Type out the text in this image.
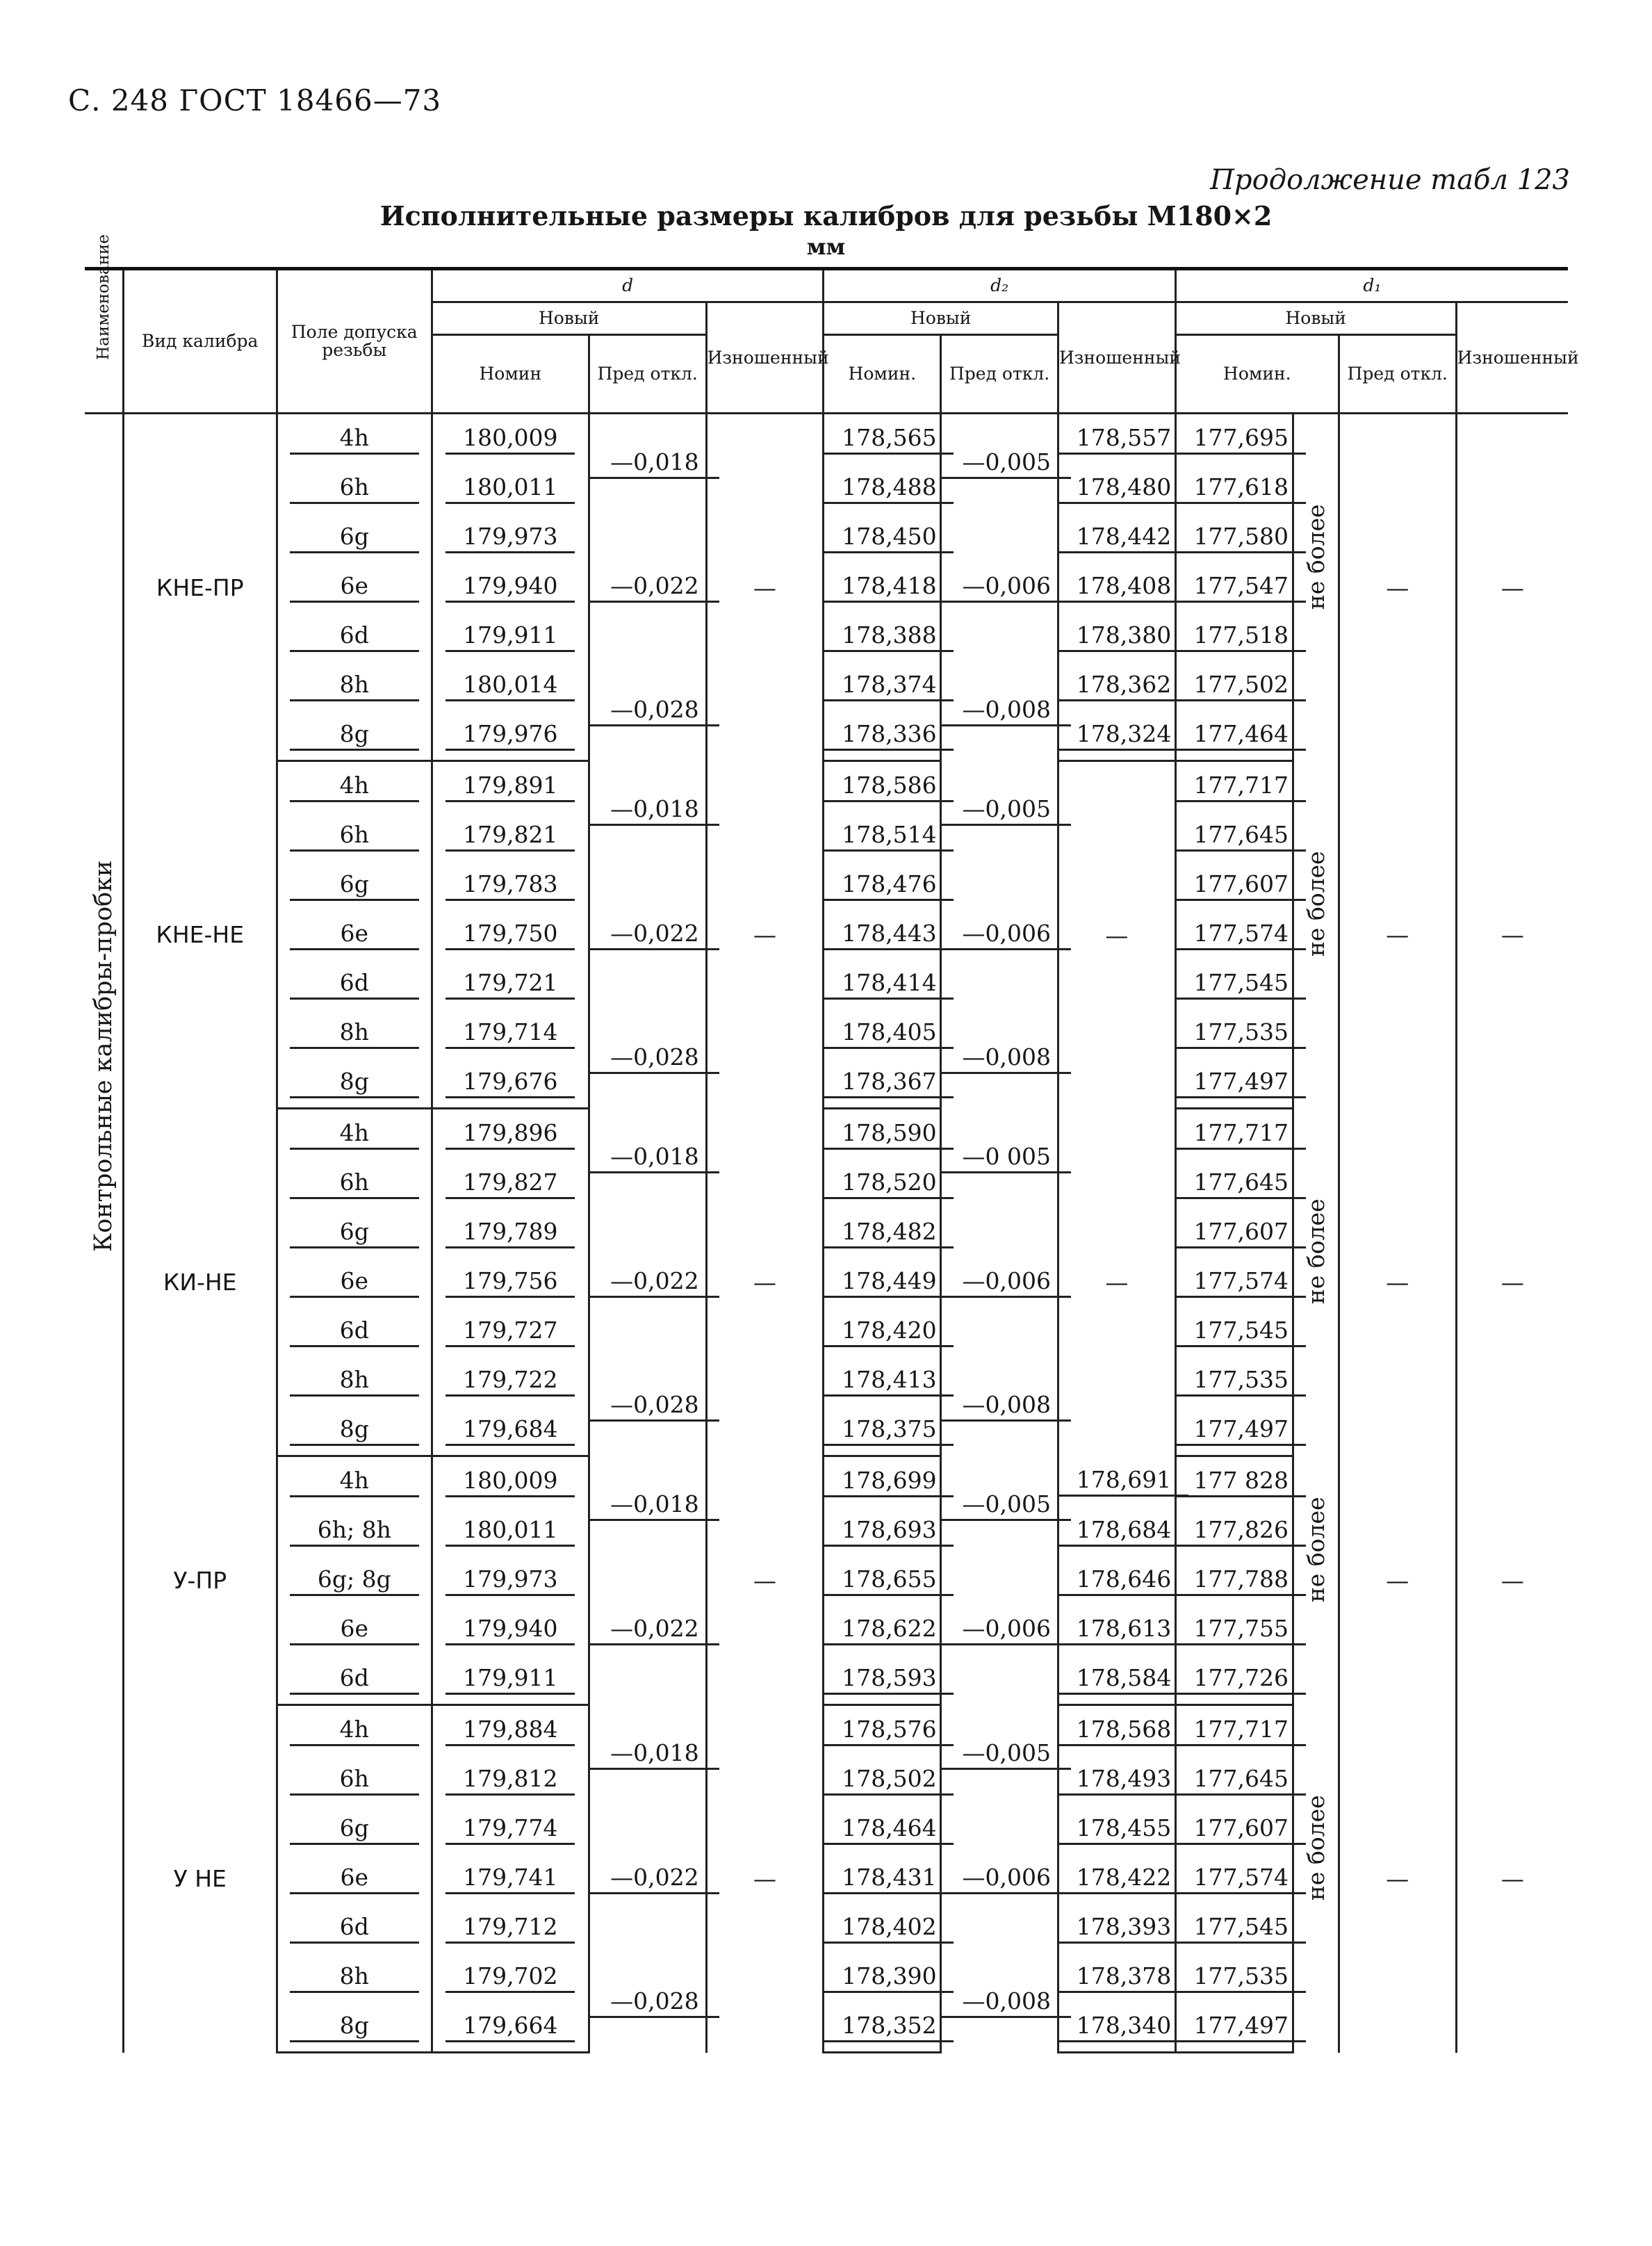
С. 248 ГОСТ 18466—73
Продолжение табл 123
Исполнительные размеры калибров для резьбы М180×2
мм
Наименование	Вид калибра	Поле допуска резьбы	d			d₂			d₁			
			Новый		Изношенный	Новый		Изношенный	Новый			Изношенный
			Номин	Пред откл.		Номин.	Пред откл.		Номин.		Пред откл.	

Контрольные калибры-пробки	КНЕ-ПР	4h	180,009	—0,018	—	178,565	—0,005	178,557	177,695	не более	—	—
		6h	180,011			178,488		178,480	177,618			
		6g	179,973	—0,022		178,450	—0,006	178,442	177,580			
		6e	179,940			178,418		178,408	177,547			
		6d	179,911			178,388		178,380	177,518			
		8h	180,014	—0,028		178,374	—0,008	178,362	177,502			
		8g	179,976			178,336		178,324	177,464			
	КНЕ-НЕ	4h	179,891	—0,018	—	178,586	—0,005	—	177,717	не более	—	—
		6h	179,821			178,514			177,645			
		6g	179,783	—0,022		178,476	—0,006		177,607			
		6e	179,750			178,443			177,574			
		6d	179,721			178,414			177,545			
		8h	179,714	—0,028		178,405	—0,008		177,535			
		8g	179,676			178,367			177,497			
	КИ-НЕ	4h	179,896	—0,018	—	178,590	—0 005	—	177,717	не более	—	—
		6h	179,827			178,520			177,645			
		6g	179,789	—0,022		178,482	—0,006		177,607			
		6e	179,756			178,449			177,574			
		6d	179,727			178,420			177,545			
		8h	179,722	—0,028		178,413	—0,008		177,535			
		8g	179,684			178,375			177,497			
	У-ПР	4h	180,009	—0,018	—	178,699	—0,005	178,691	177 828	не более	—	—
		6h; 8h	180,011			178,693		178,684	177,826			
		6g; 8g	179,973	—0,022		178,655	—0,006	178,646	177,788			
		6e	179,940			178,622		178,613	177,755			
		6d	179,911			178,593		178,584	177,726			
	У НЕ	4h	179,884	—0,018	—	178,576	—0,005	178,568	177,717	не более	—	—
		6h	179,812			178,502		178,493	177,645			
		6g	179,774	—0,022		178,464	—0,006	178,455	177,607			
		6e	179,741			178,431		178,422	177,574			
		6d	179,712			178,402		178,393	177,545			
		8h	179,702	—0,028		178,390	—0,008	178,378	177,535			
		8g	179,664			178,352		178,340	177,497			
